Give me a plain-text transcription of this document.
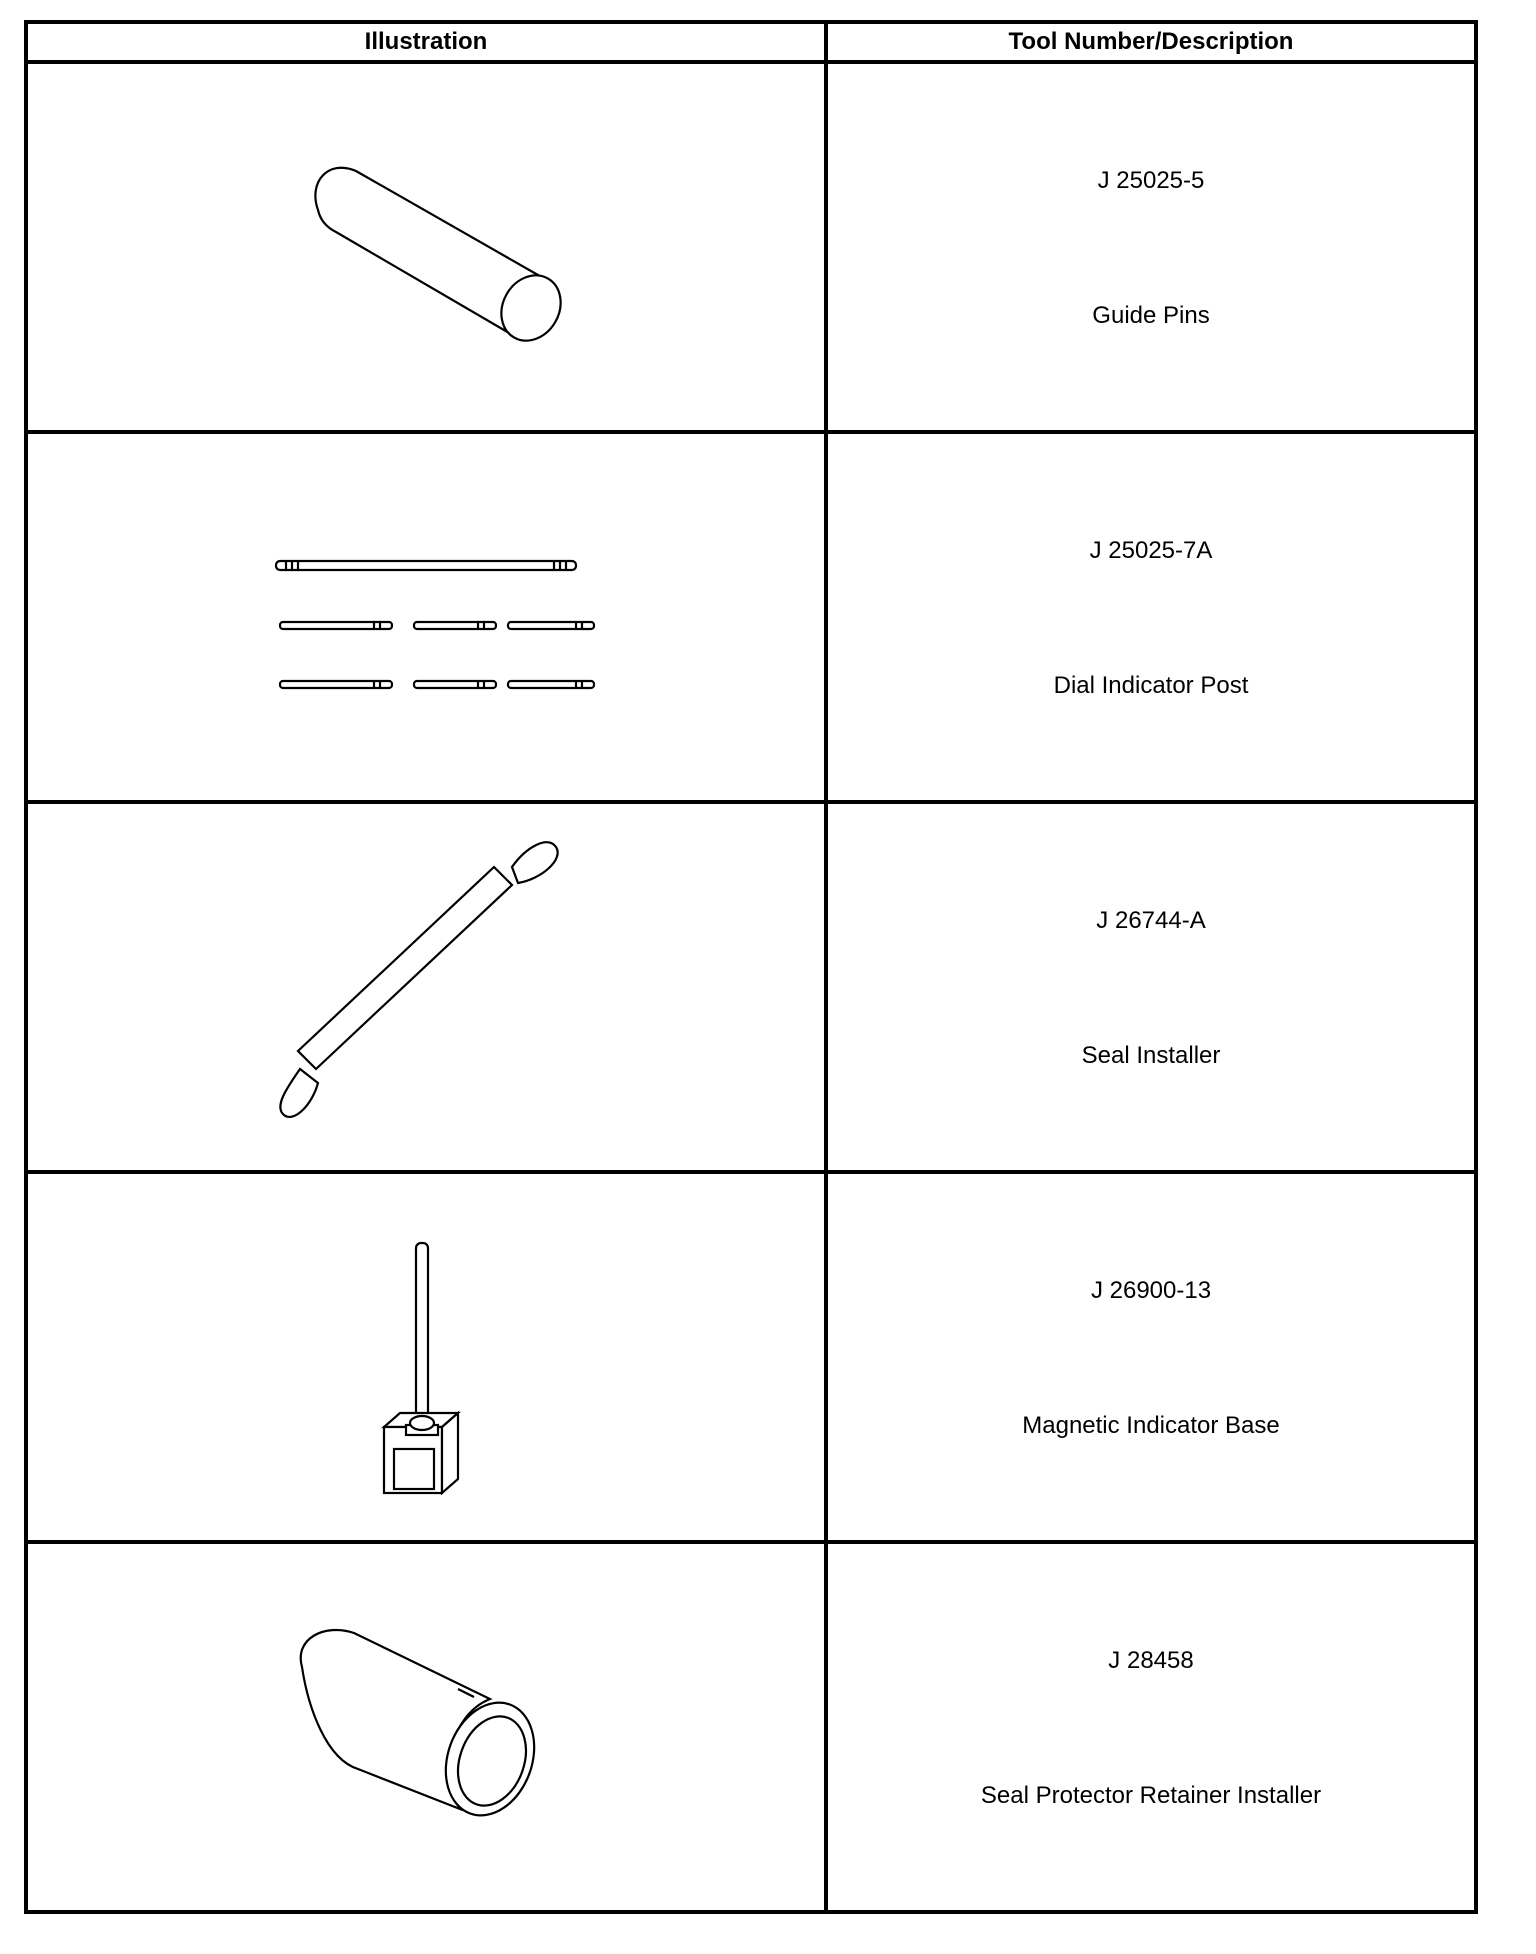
Illustration	Tool Number/Description

J 25025-5
Guide Pins

J 25025-7A
Dial Indicator Post

J 26744-A
Seal Installer

J 26900-13
Magnetic Indicator Base

J 28458
Seal Protector Retainer Installer
